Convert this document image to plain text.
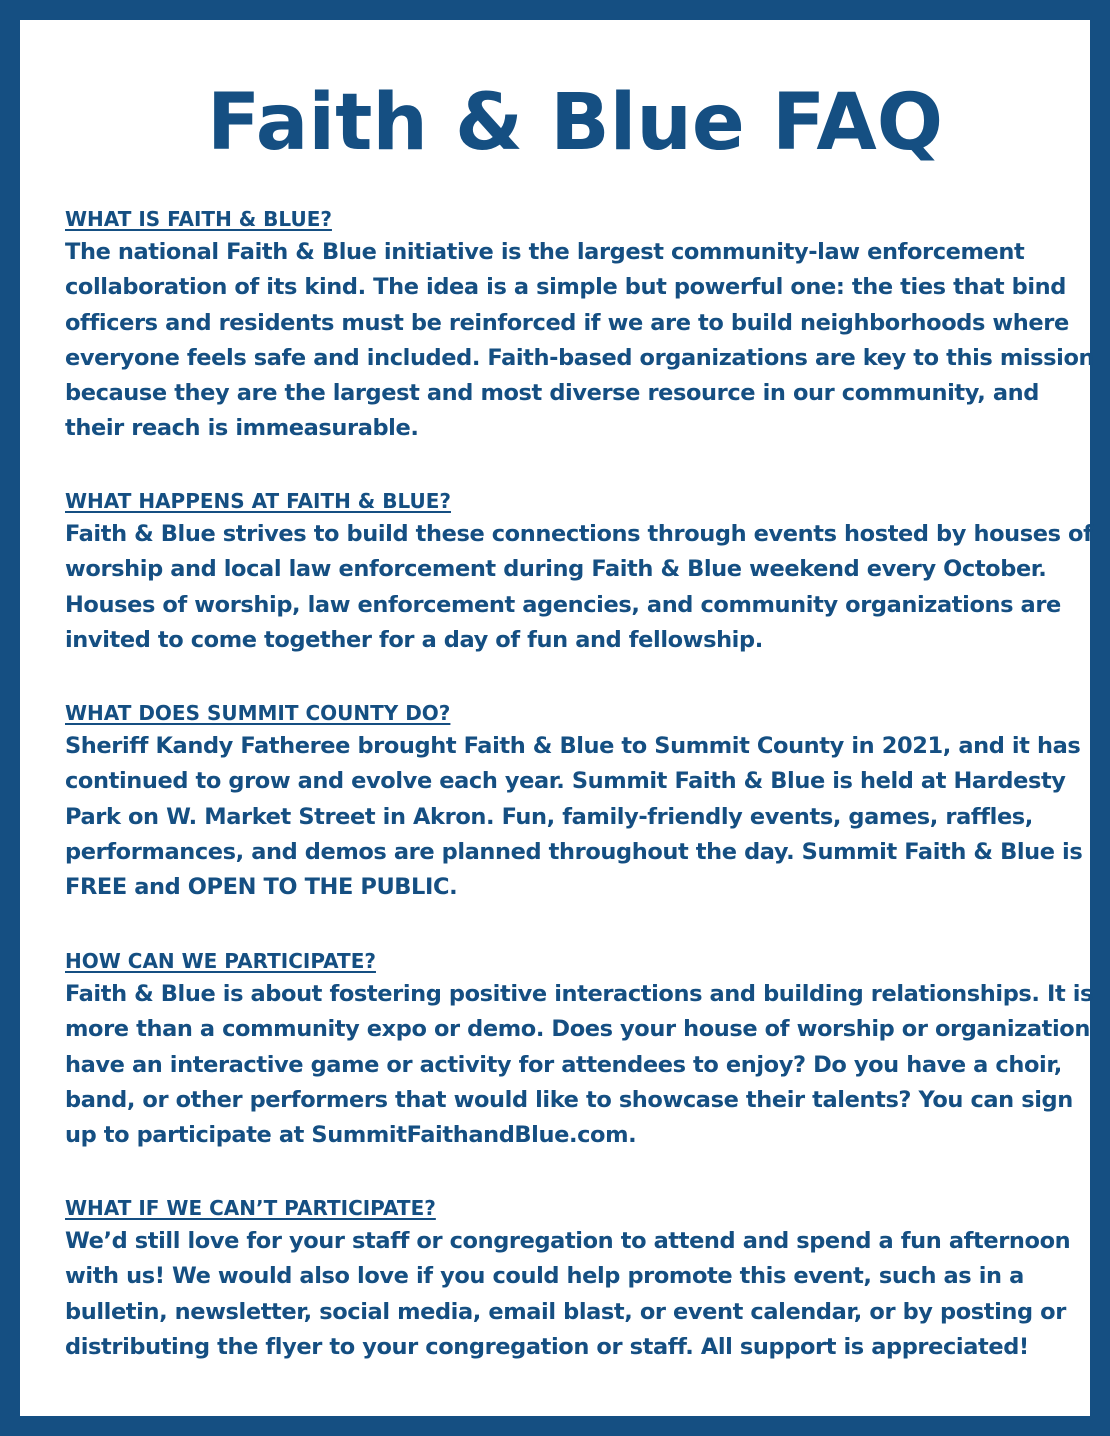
Faith & Blue FAQ
WHAT IS FAITH & BLUE?

The national Faith & Blue initiative is the largest community-law enforcement collaboration of its kind. The idea is a simple but powerful one: the ties that bind officers and residents must be reinforced if we are to build neighborhoods where everyone feels safe and included. Faith-based organizations are key to this mission because they are the largest and most diverse resource in our community, and their reach is immeasurable.

WHAT HAPPENS AT FAITH & BLUE?

Faith & Blue strives to build these connections through events hosted by houses of worship and local law enforcement during Faith & Blue weekend every October. Houses of worship, law enforcement agencies, and community organizations are invited to come together for a day of fun and fellowship.

WHAT DOES SUMMIT COUNTY DO?

Sheriff Kandy Fatheree brought Faith & Blue to Summit County in 2021, and it has continued to grow and evolve each year. Summit Faith & Blue is held at Hardesty Park on W. Market Street in Akron. Fun, family-friendly events, games, raffles, performances, and demos are planned throughout the day. Summit Faith & Blue is FREE and OPEN TO THE PUBLIC.

HOW CAN WE PARTICIPATE?

Faith & Blue is about fostering positive interactions and building relationships. It is more than a community expo or demo. Does your house of worship or organization have an interactive game or activity for attendees to enjoy? Do you have a choir, band, or other performers that would like to showcase their talents? You can sign up to participate at SummitFaithandBlue.com.

WHAT IF WE CAN’T PARTICIPATE?

We’d still love for your staff or congregation to attend and spend a fun afternoon with us! We would also love if you could help promote this event, such as in a bulletin, newsletter, social media, email blast, or event calendar, or by posting or distributing the flyer to your congregation or staff. All support is appreciated!
